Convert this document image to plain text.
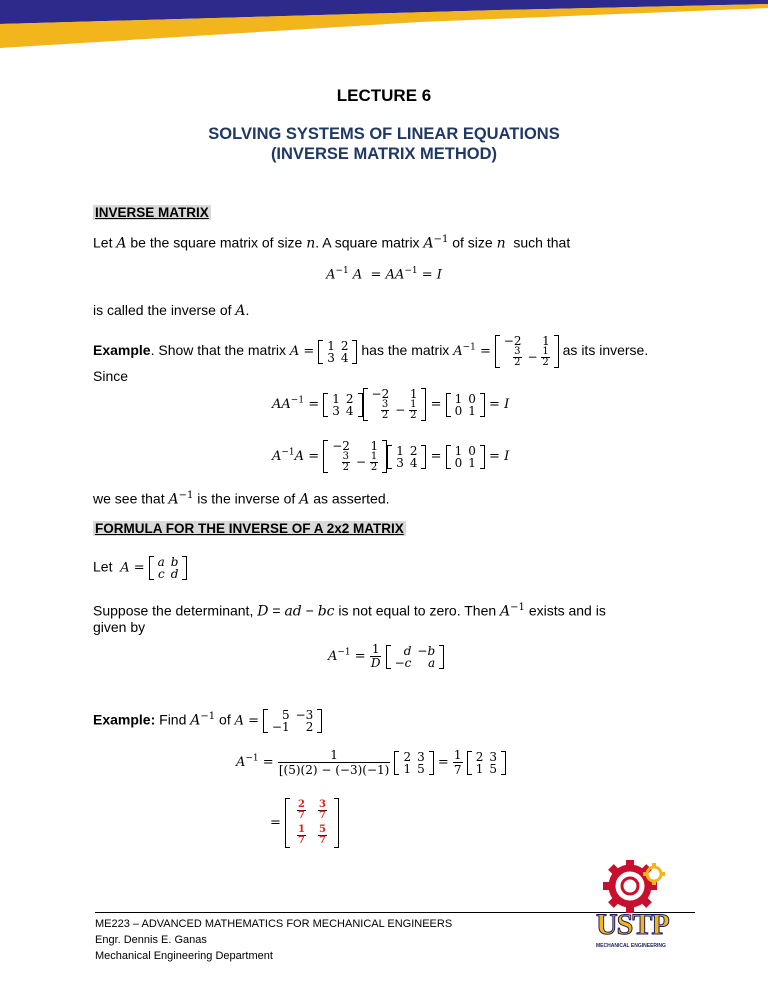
LECTURE 6
SOLVING SYSTEMS OF LINEAR EQUATIONS
(INVERSE MATRIX METHOD)
INVERSE MATRIX
Let A be the square matrix of size n. A square matrix $A^{-1}$ of size n such that
$A^{-1}$ $A = AA^{-1} = I$
is called the inverse of A.
Example. Show that the matrix A = 1	2
3	4 has the matrix $A^{-1}$ =
−2	1

$\frac{3}{2}$	− $\frac{1}{2}$ as its inverse.
Since
$AA^{-1} = 1$	2
3	4
−2	1

$\frac{3}{2}$	− $\frac{1}{2} = 1$	0
0	1 = I
$A^{-1}A$ =
−2	1

$\frac{3}{2}$	− $\frac{1}{2}$
1	2
3	4 = 1	0
0	1 = I
we see that $A^{-1}$ is the inverse of A as asserted.
FORMULA FOR THE INVERSE OF A 2x2 MATRIX
Let A = a	b
c	d
Suppose the determinant, D = ad − bc is not equal to zero. Then $A^{-1}$ exists and is
given by
$A^{-1} = \frac{1}{D}$
d	−b
−c	a
Example: Find $A^{-1}$ of A = 5	−3
−1	2
$A^{-1} = \frac{1}{[(5)(2) - (-3)(-1)}$
2	3
1	$5 = \frac{1}{7}$
2	3
1	5
=
$\frac{2}{7}$	$\frac{3}{7}$

$\frac{1}{7}$	$\frac{5}{7}$
ME223 – ADVANCED MATHEMATICS FOR MECHANICAL ENGINEERS
Engr. Dennis E. Ganas
Mechanical Engineering Department
USTP
MECHANICAL ENGINEERING
